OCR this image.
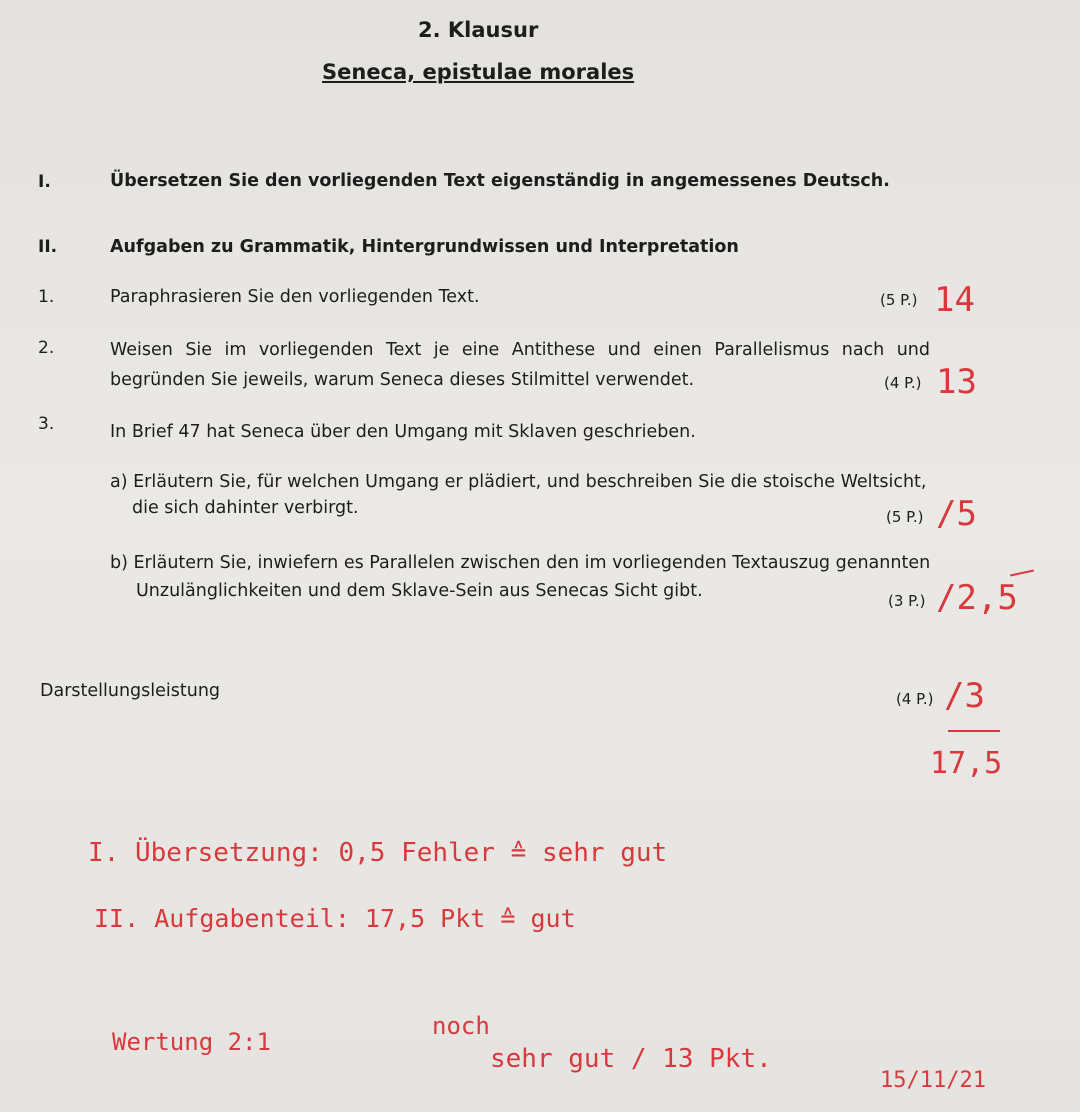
2. Klausur
Seneca, epistulae morales
I.	Übersetzen Sie den vorliegenden Text eigenständig in angemessenes Deutsch.
II.	Aufgaben zu Grammatik, Hintergrundwissen und Interpretation
1.	Paraphrasieren Sie den vorliegenden Text.	(5 P.) 14
2.	Weisen Sie im vorliegenden Text je eine Antithese und einen Parallelismus nach und
begründen Sie jeweils, warum Seneca dieses Stilmittel verwendet.	(4 P.) 13
3.	In Brief 47 hat Seneca über den Umgang mit Sklaven geschrieben.
a) Erläutern Sie, für welchen Umgang er plädiert, und beschreiben Sie die stoische Weltsicht,
die sich dahinter verbirgt.	(5 P.) /5
b) Erläutern Sie, inwiefern es Parallelen zwischen den im vorliegenden Textauszug genannten
Unzulänglichkeiten und dem Sklave-Sein aus Senecas Sicht gibt.	(3 P.) /2,5
Darstellungsleistung	(4 P.) /3
17,5
I. Übersetzung: 0,5 Fehler ≙ sehr gut
II. Aufgabenteil: 17,5 Pkt ≙ gut
Wertung 2:1
noch
sehr gut / 13 Pkt.
15/11/21
